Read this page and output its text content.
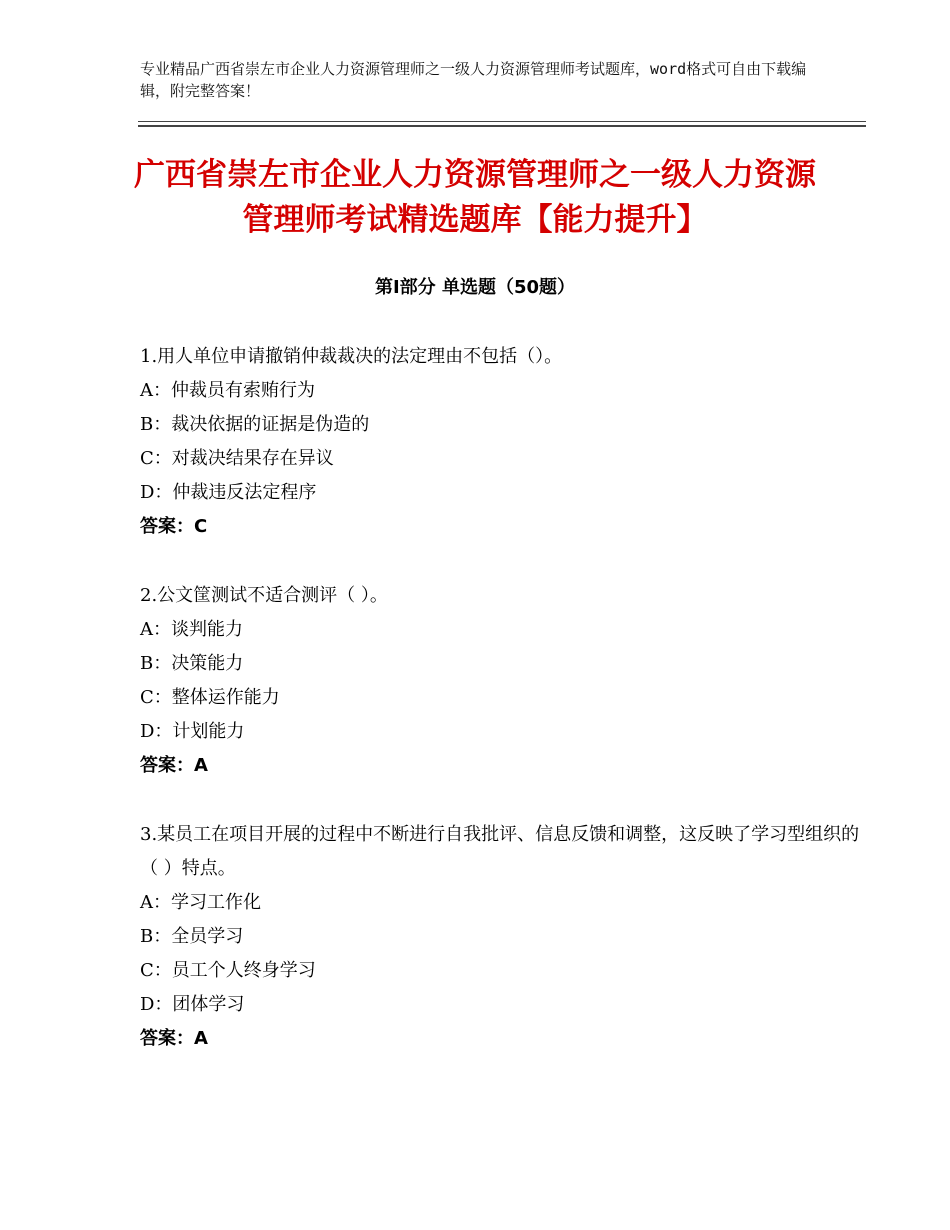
专业精品广西省崇左市企业人力资源管理师之一级人力资源管理师考试题库，word格式可自由下载编辑，附完整答案！
广西省崇左市企业人力资源管理师之一级人力资源管理师考试精选题库【能力提升】
第Ⅰ部分 单选题（50题）
1.用人单位申请撤销仲裁裁决的法定理由不包括（）。
A：仲裁员有索贿行为
B：裁决依据的证据是伪造的
C：对裁决结果存在异议
D：仲裁违反法定程序
答案：C
2.公文筐测试不适合测评（ ）。
A：谈判能力
B：决策能力
C：整体运作能力
D：计划能力
答案：A
3.某员工在项目开展的过程中不断进行自我批评、信息反馈和调整，这反映了学习型组织的（ ）特点。
A：学习工作化
B：全员学习
C：员工个人终身学习
D：团体学习
答案：A
